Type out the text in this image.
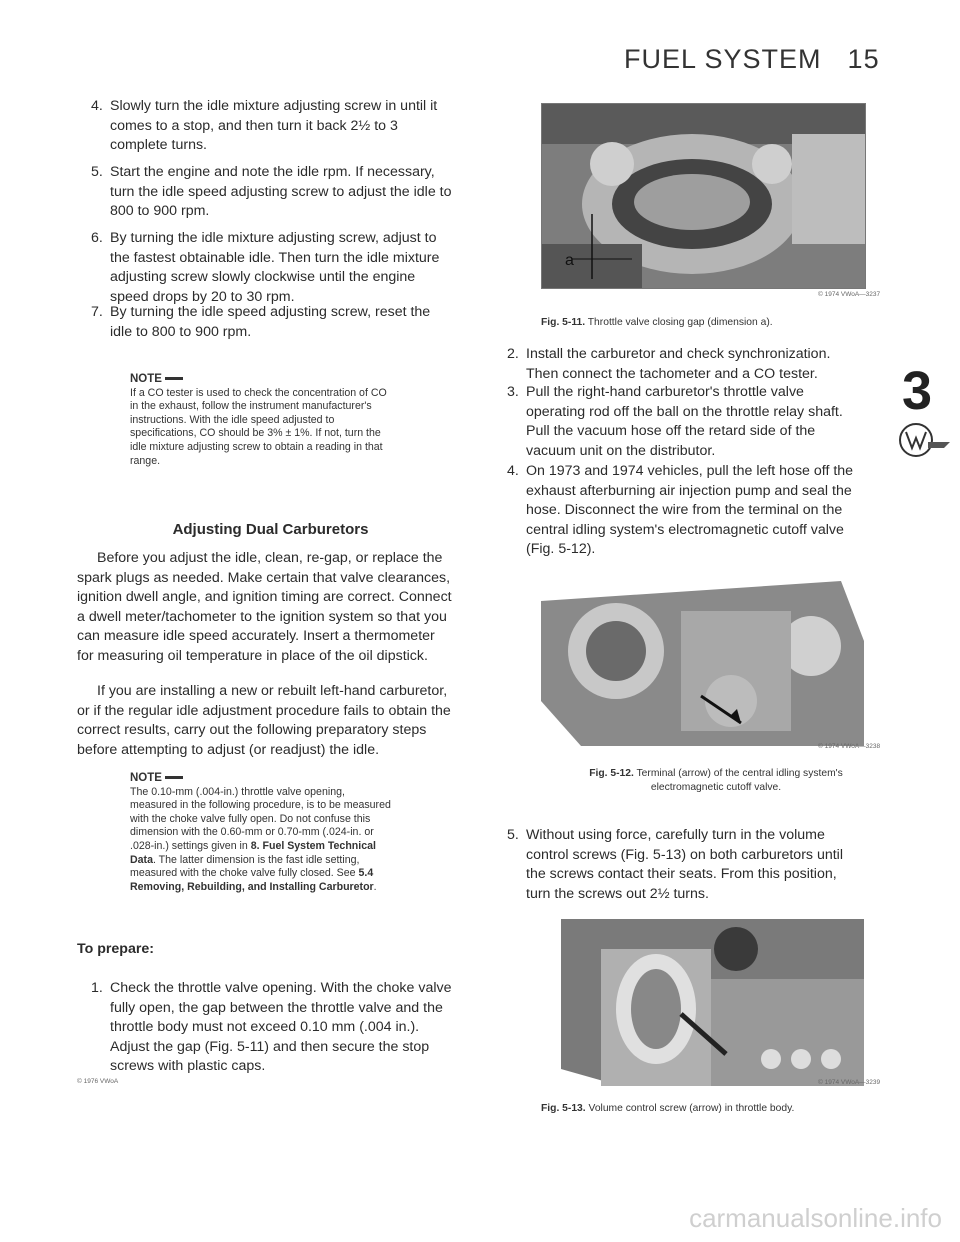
FUEL SYSTEM 15
4. Slowly turn the idle mixture adjusting screw in until it comes to a stop, and then turn it back 2½ to 3 complete turns.
5. Start the engine and note the idle rpm. If necessary, turn the idle speed adjusting screw to adjust the idle to 800 to 900 rpm.
6. By turning the idle mixture adjusting screw, adjust to the fastest obtainable idle. Then turn the idle mixture adjusting screw slowly clockwise until the engine speed drops by 20 to 30 rpm.
7. By turning the idle speed adjusting screw, reset the idle to 800 to 900 rpm.
NOTE
If a CO tester is used to check the concentration of CO in the exhaust, follow the instrument manufacturer's instructions. With the idle speed adjusted to specifications, CO should be 3% ± 1%. If not, turn the idle mixture adjusting screw to obtain a reading in that range.
Adjusting Dual Carburetors
Before you adjust the idle, clean, re-gap, or replace the spark plugs as needed. Make certain that valve clearances, ignition dwell angle, and ignition timing are correct. Connect a dwell meter/tachometer to the ignition system so that you can measure idle speed accurately. Insert a thermometer for measuring oil temperature in place of the oil dipstick.
If you are installing a new or rebuilt left-hand carburetor, or if the regular idle adjustment procedure fails to obtain the correct results, carry out the following preparatory steps before attempting to adjust (or readjust) the idle.
NOTE
The 0.10-mm (.004-in.) throttle valve opening, measured in the following procedure, is to be measured with the choke valve fully open. Do not confuse this dimension with the 0.60-mm or 0.70-mm (.024-in. or .028-in.) settings given in 8. Fuel System Technical Data. The latter dimension is the fast idle setting, measured with the choke valve fully closed. See 5.4 Removing, Rebuilding, and Installing Carburetor.
To prepare:
1. Check the throttle valve opening. With the choke valve fully open, the gap between the throttle valve and the throttle body must not exceed 0.10 mm (.004 in.). Adjust the gap (Fig. 5-11) and then secure the stop screws with plastic caps.
© 1976 VWoA
a
© 1974 VWoA—3237
Fig. 5-11. Throttle valve closing gap (dimension a).
2. Install the carburetor and check synchronization. Then connect the tachometer and a CO tester.
3. Pull the right-hand carburetor's throttle valve operating rod off the ball on the throttle relay shaft. Pull the vacuum hose off the retard side of the vacuum unit on the distributor.
4. On 1973 and 1974 vehicles, pull the left hose off the exhaust afterburning air injection pump and seal the hose. Disconnect the wire from the terminal on the central idling system's electromagnetic cutoff valve (Fig. 5-12).
© 1974 VWoA—3238
Fig. 5-12. Terminal (arrow) of the central idling system's electromagnetic cutoff valve.
5. Without using force, carefully turn in the volume control screws (Fig. 5-13) on both carburetors until the screws contact their seats. From this position, turn the screws out 2½ turns.
© 1974 VWoA—3239
Fig. 5-13. Volume control screw (arrow) in throttle body.
3
carmanualsonline.info
